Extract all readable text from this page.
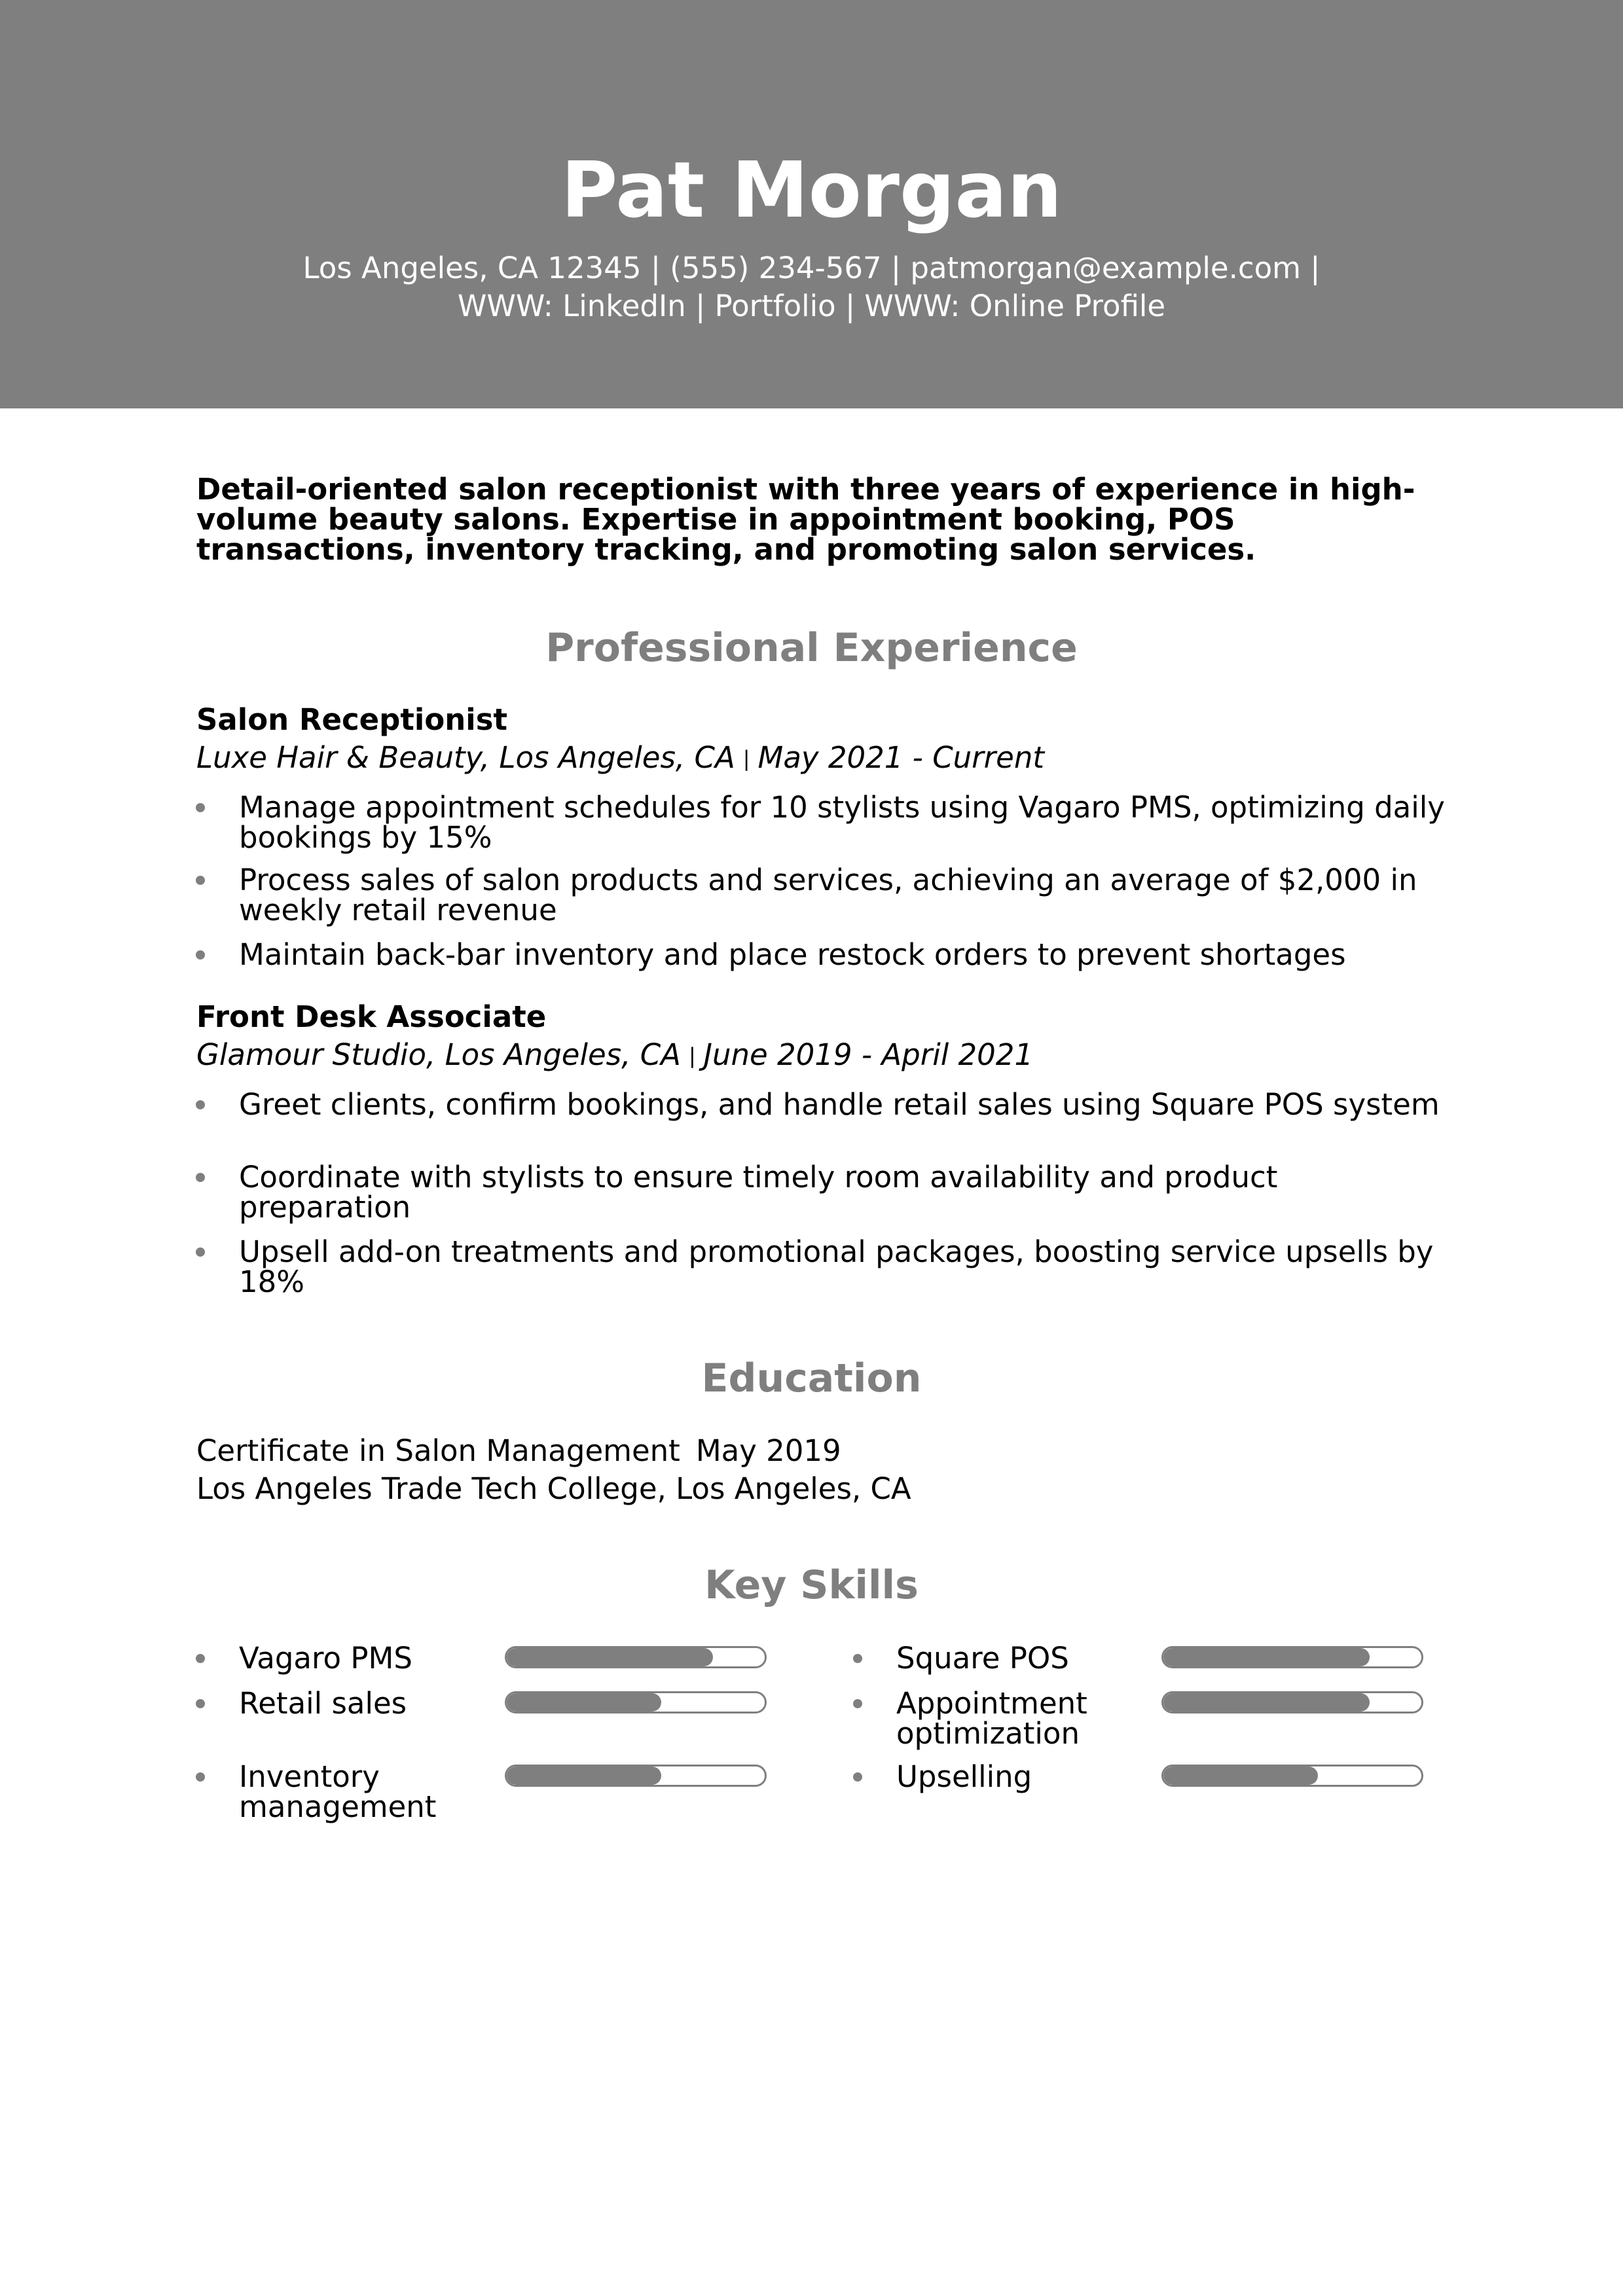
Pat Morgan
Los Angeles, CA 12345 | (555) 234-567 | patmorgan@example.com |
WWW: LinkedIn | Portfolio | WWW: Online Profile
Detail-oriented salon receptionist with three years of experience in high-volume beauty salons. Expertise in appointment booking, POS transactions, inventory tracking, and promoting salon services.
Professional Experience
Salon Receptionist
Luxe Hair & Beauty, Los Angeles, CA | May 2021 - Current
Manage appointment schedules for 10 stylists using Vagaro PMS, optimizing daily bookings by 15%
Process sales of salon products and services, achieving an average of $2,000 in weekly retail revenue
Maintain back-bar inventory and place restock orders to prevent shortages
Front Desk Associate
Glamour Studio, Los Angeles, CA | June 2019 - April 2021
Greet clients, confirm bookings, and handle retail sales using Square POS system
Coordinate with stylists to ensure timely room availability and product preparation
Upsell add-on treatments and promotional packages, boosting service upsells by 18%
Education
Certificate in Salon Management May 2019
Los Angeles Trade Tech College, Los Angeles, CA
Key Skills
Vagaro PMS
Retail sales
Inventory management
Square POS
Appointment optimization
Upselling
